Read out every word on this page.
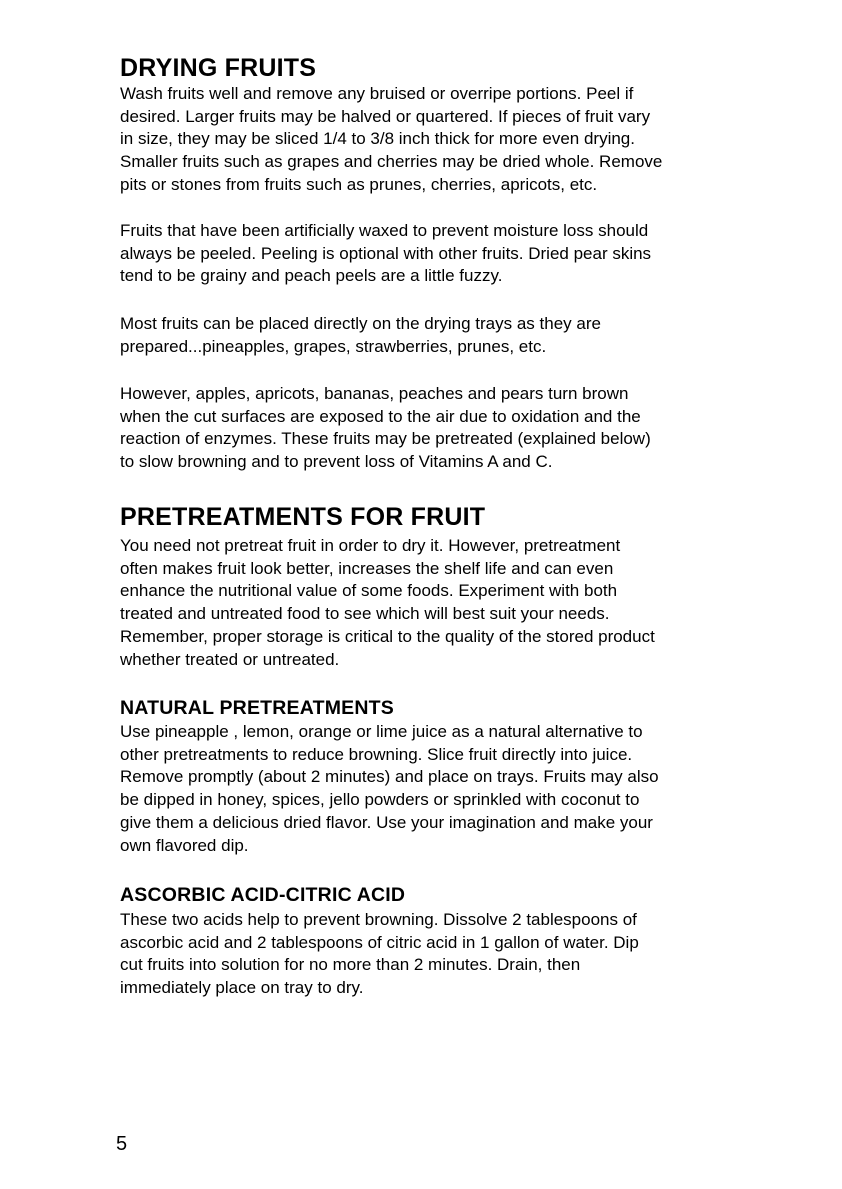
DRYING FRUITS

Wash fruits well and remove any bruised or overripe portions. Peel if
desired. Larger fruits may be halved or quartered. If pieces of fruit vary
in size, they may be sliced 1/4 to 3/8 inch thick for more even drying.
Smaller fruits such as grapes and cherries may be dried whole. Remove
pits or stones from fruits such as prunes, cherries, apricots, etc.

Fruits that have been artificially waxed to prevent moisture loss should
always be peeled. Peeling is optional with other fruits. Dried pear skins
tend to be grainy and peach peels are a little fuzzy.

Most fruits can be placed directly on the drying trays as they are
prepared...pineapples, grapes, strawberries, prunes, etc.

However, apples, apricots, bananas, peaches and pears turn brown
when the cut surfaces are exposed to the air due to oxidation and the
reaction of enzymes. These fruits may be pretreated (explained below)
to slow browning and to prevent loss of Vitamins A and C.

PRETREATMENTS FOR FRUIT

You need not pretreat fruit in order to dry it. However, pretreatment
often makes fruit look better, increases the shelf life and can even
enhance the nutritional value of some foods. Experiment with both
treated and untreated food to see which will best suit your needs.
Remember, proper storage is critical to the quality of the stored product
whether treated or untreated.

NATURAL PRETREATMENTS

Use pineapple , lemon, orange or lime juice as a natural alternative to
other pretreatments to reduce browning. Slice fruit directly into juice.
Remove promptly (about 2 minutes) and place on trays. Fruits may also
be dipped in honey, spices, jello powders or sprinkled with coconut to
give them a delicious dried flavor. Use your imagination and make your
own flavored dip.

ASCORBIC ACID-CITRIC ACID

These two acids help to prevent browning. Dissolve 2 tablespoons of
ascorbic acid and 2 tablespoons of citric acid in 1 gallon of water. Dip
cut fruits into solution for no more than 2 minutes. Drain, then
immediately place on tray to dry.

5
